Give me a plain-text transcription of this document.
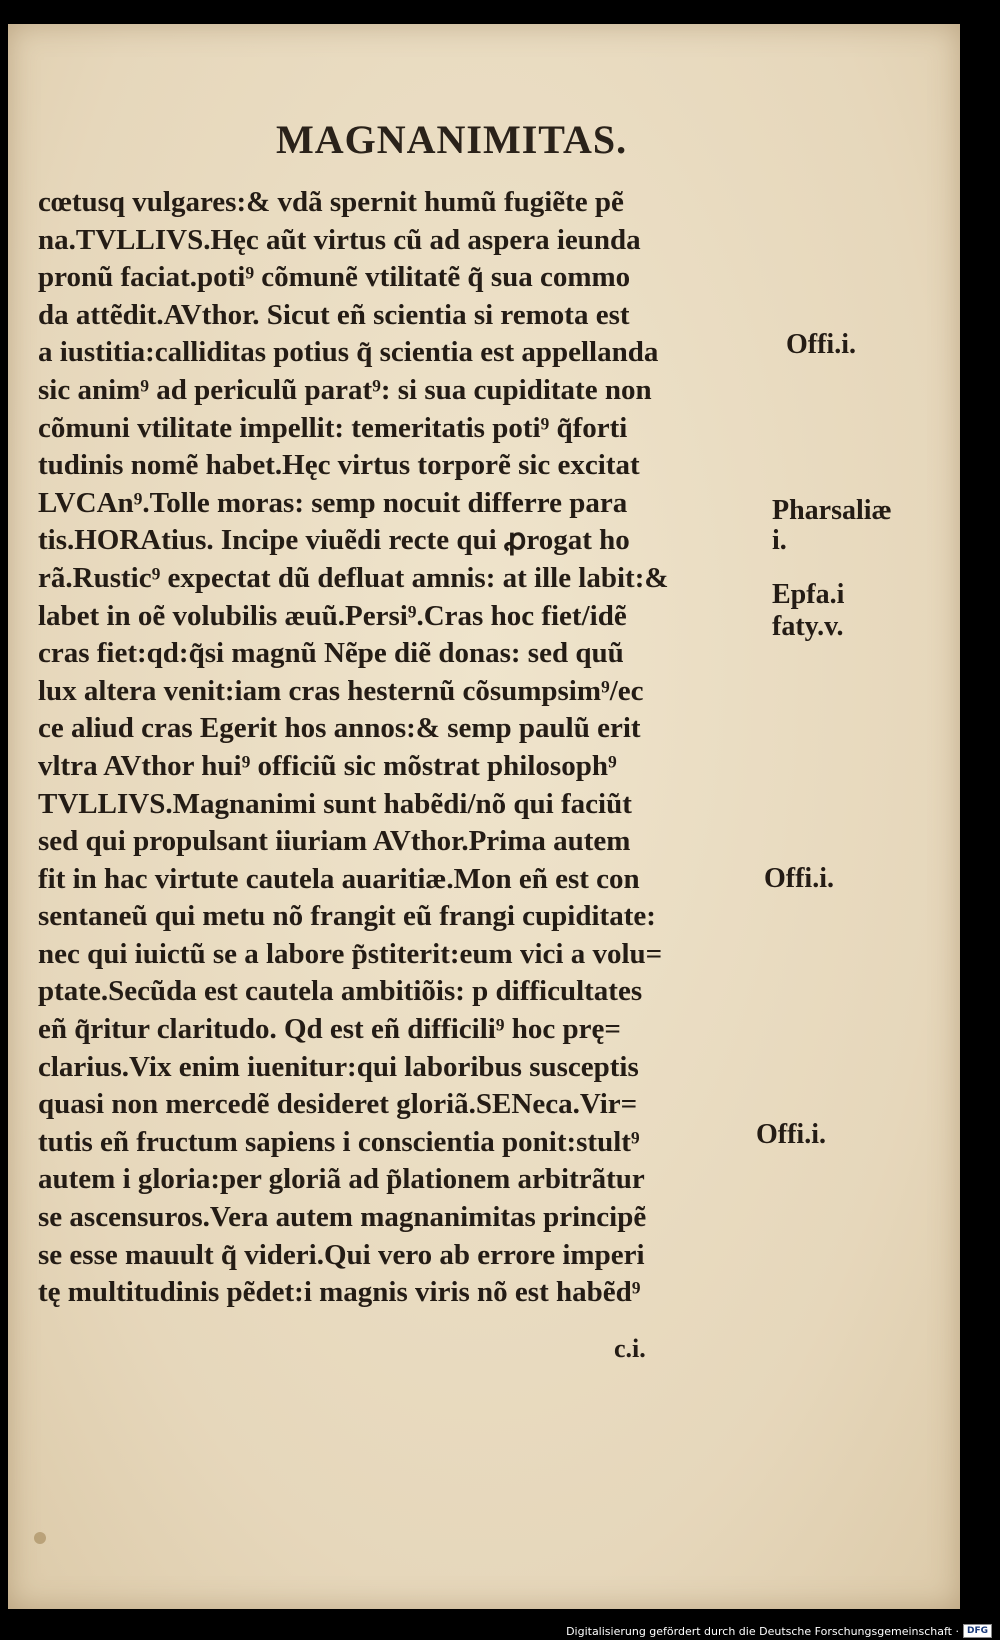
MAGNANIMITAS.
cœtusq vulgares:& vdã spernit humũ fugiẽte pẽ
na.TVLLIVS.Hęc aũt virtus cũ ad aspera ieunda
pronũ faciat.poti⁹ cõmunẽ vtilitatẽ q̃ sua commo
da attẽdit.AVthor. Sicut eñ scientia si remota est
a iustitia:calliditas potius q̃ scientia est appellanda
sic anim⁹ ad periculũ parat⁹: si sua cupiditate non
cõmuni vtilitate impellit: temeritatis poti⁹ q̃forti
tudinis nomẽ habet.Hęc virtus torporẽ sic excitat
LVCAn⁹.Tolle moras: semp nocuit differre para
tis.HORAtius. Incipe viuẽdi recte qui ꝓrogat ho
rã.Rustic⁹ expectat dũ defluat amnis: at ille labit:&
labet in oẽ volubilis æuũ.Persi⁹.Cras hoc fiet/idẽ
cras fiet:qd:q̃si magnũ Nẽpe diẽ donas: sed quũ
lux altera venit:iam cras hesternũ cõsumpsim⁹/ec
ce aliud cras Egerit hos annos:& semp paulũ erit
vltra AVthor hui⁹ officiũ sic mõstrat philosoph⁹
TVLLIVS.Magnanimi sunt habẽdi/nõ qui faciũt
sed qui propulsant iiuriam AVthor.Prima autem
fit in hac virtute cautela auaritiæ.Mon eñ est con
sentaneũ qui metu nõ frangit eũ frangi cupiditate:
nec qui iuictũ se a labore p̃stiterit:eum vici a volu=
ptate.Secũda est cautela ambitiõis: p difficultates
eñ q̃ritur claritudo. Qd est eñ difficili⁹ hoc prę=
clarius.Vix enim iuenitur:qui laboribus susceptis
quasi non mercedẽ desideret gloriã.SENeca.Vir=
tutis eñ fructum sapiens i conscientia ponit:stult⁹
autem i gloria:per gloriã ad p̃lationem arbitrãtur
se ascensuros.Vera autem magnanimitas principẽ
se esse mauult q̃ videri.Qui vero ab errore imperi
tę multitudinis pẽdet:i magnis viris nõ est habẽd⁹
Offi.i.
Pharsaliæ
i.
Epfa.i
faty.v.
Offi.i.
Offi.i.
c.i.
Digitalisierung gefördert durch die Deutsche Forschungsgemeinschaft · DFG
